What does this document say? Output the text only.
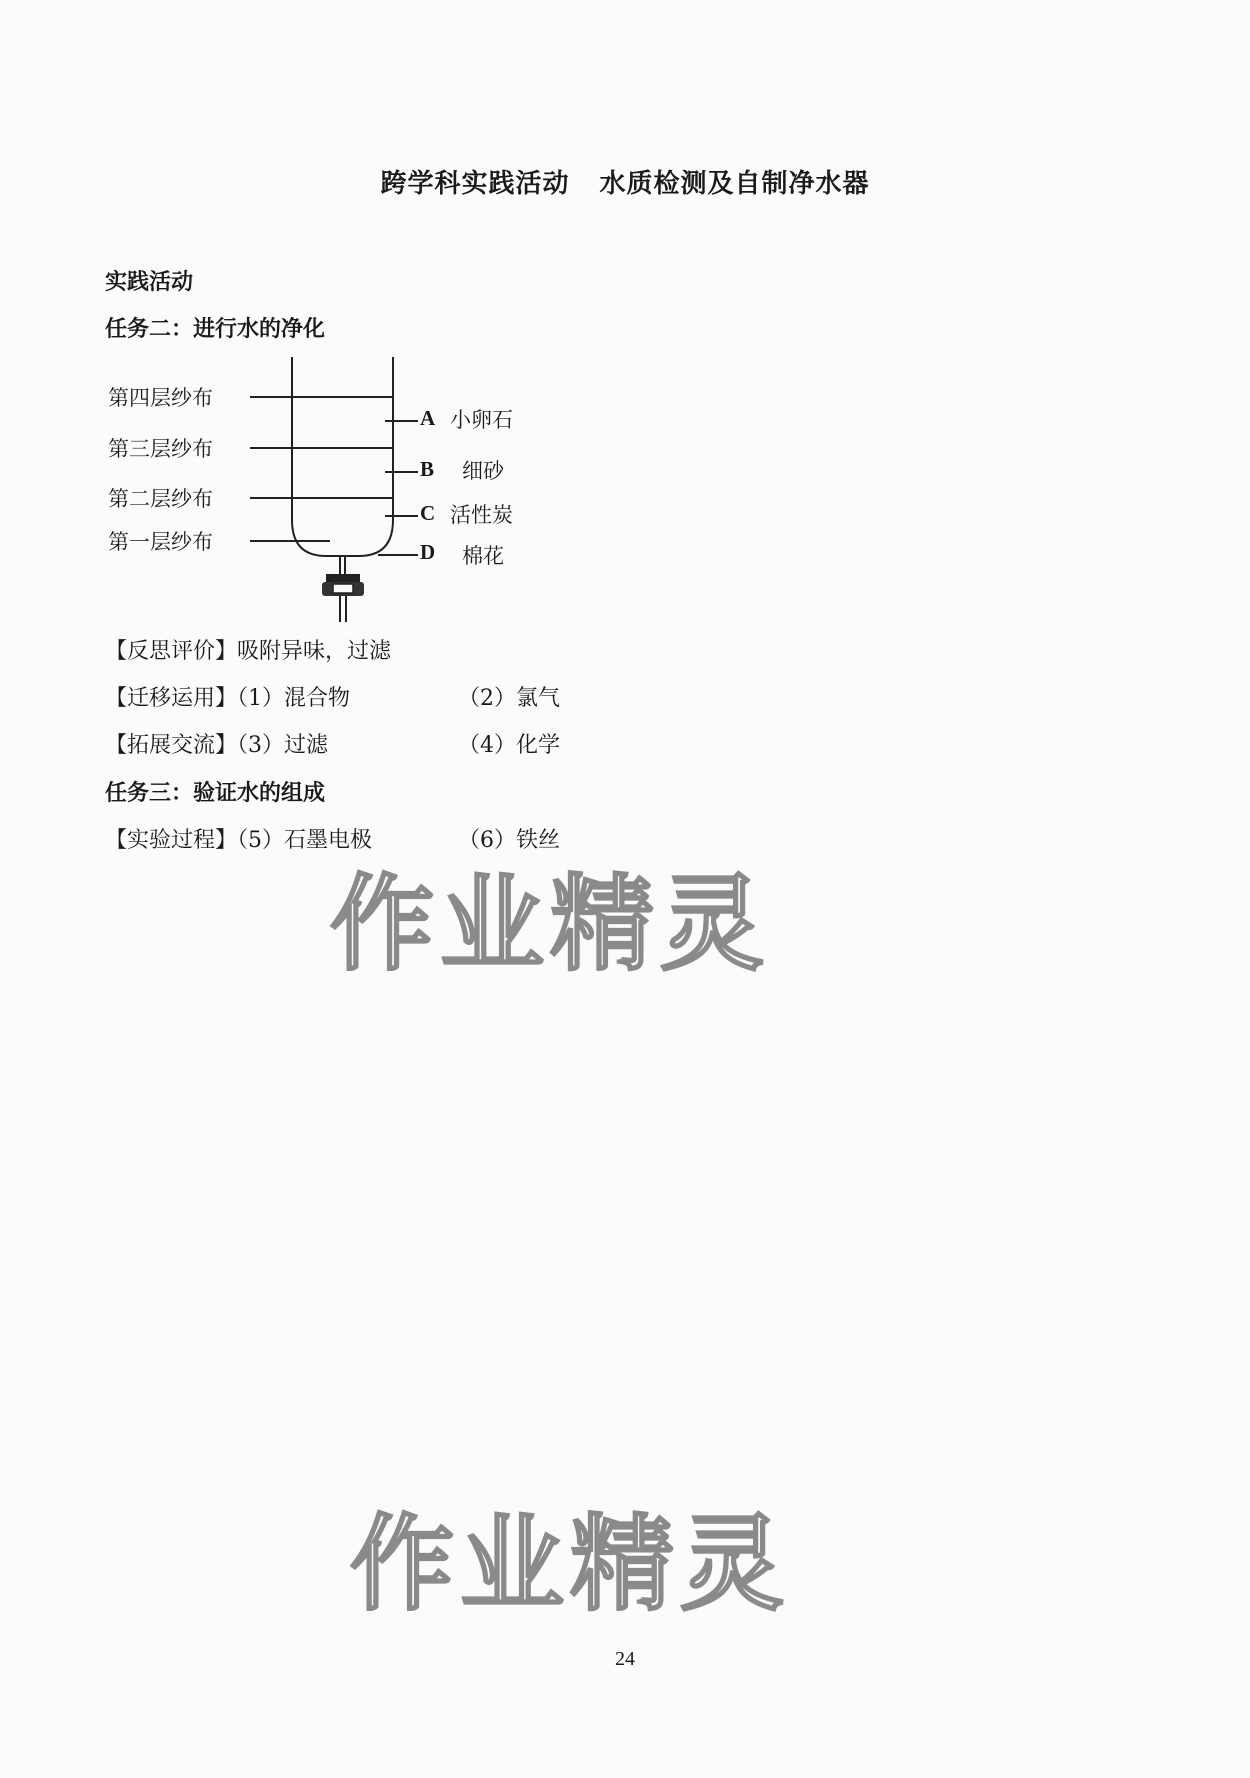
跨学科实践活动 水质检测及自制净水器
实践活动
任务二：进行水的净化
第四层纱布
第三层纱布
第二层纱布
第一层纱布
A 小卵石
B 细砂
C 活性炭
D 棉花
【反思评价】吸附异味，过滤
【迁移运用】（1）混合物	（2）氯气
【拓展交流】（3）过滤	（4）化学
任务三：验证水的组成
【实验过程】（5）石墨电极	（6）铁丝
作业精灵
作业精灵
24
